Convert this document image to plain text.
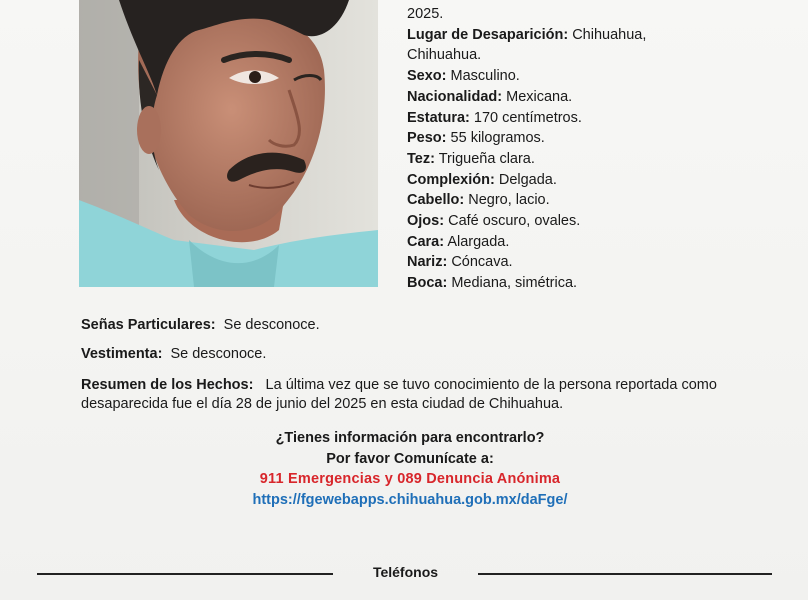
2025.
Lugar de Desaparición: Chihuahua,
Chihuahua.
Sexo: Masculino.
Nacionalidad: Mexicana.
Estatura: 170 centímetros.
Peso: 55 kilogramos.
Tez: Trigueña clara.
Complexión: Delgada.
Cabello: Negro, lacio.
Ojos: Café oscuro, ovales.
Cara: Alargada.
Nariz: Cóncava.
Boca: Mediana, simétrica.
Señas Particulares: Se desconoce.
Vestimenta: Se desconoce.
Resumen de los Hechos: La última vez que se tuvo conocimiento de la persona reportada como desaparecida fue el día 28 de junio del 2025 en esta ciudad de Chihuahua.
¿Tienes información para encontrarlo?
Por favor Comunícate a:
911 Emergencias y 089 Denuncia Anónima
https://fgewebapps.chihuahua.gob.mx/daFge/
Teléfonos
